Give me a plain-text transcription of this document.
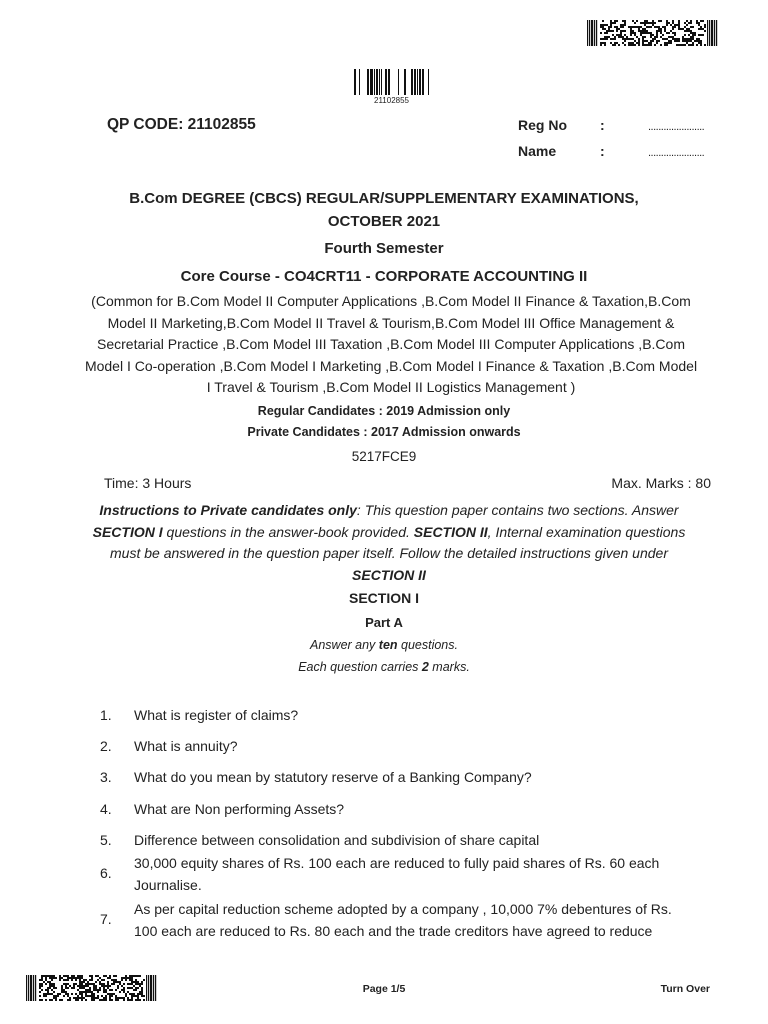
21102855
QP CODE: 21102855	Reg No :	......................
Name	:	......................
B.Com DEGREE (CBCS) REGULAR/SUPPLEMENTARY EXAMINATIONS,
OCTOBER 2021
Fourth Semester
Core Course - CO4CRT11 - CORPORATE ACCOUNTING II
(Common for B.Com Model II Computer Applications ,B.Com Model II Finance & Taxation,B.Com
Model II Marketing,B.Com Model II Travel & Tourism,B.Com Model III Office Management &
Secretarial Practice ,B.Com Model III Taxation ,B.Com Model III Computer Applications ,B.Com
Model I Co-operation ,B.Com Model I Marketing ,B.Com Model I Finance & Taxation ,B.Com Model
I Travel & Tourism ,B.Com Model II Logistics Management )
Regular Candidates : 2019 Admission only
Private Candidates : 2017 Admission onwards
5217FCE9
Time: 3 Hours	Max. Marks : 80
Instructions to Private candidates only: This question paper contains two sections. Answer
SECTION I questions in the answer-book provided. SECTION II, Internal examination questions
must be answered in the question paper itself. Follow the detailed instructions given under
SECTION II
SECTION I
Part A
Answer any ten questions.
Each question carries 2 marks.
1.	What is register of claims?
2.	What is annuity?
3.	What do you mean by statutory reserve of a Banking Company?
4.	What are Non performing Assets?
5.	Difference between consolidation and subdivision of share capital
6.
30,000 equity shares of Rs. 100 each are reduced to fully paid shares of Rs. 60 each
Journalise.
7.
As per capital reduction scheme adopted by a company , 10,000 7% debentures of Rs.
100 each are reduced to Rs. 80 each and the trade creditors have agreed to reduce
Page 1/5	Turn Over
